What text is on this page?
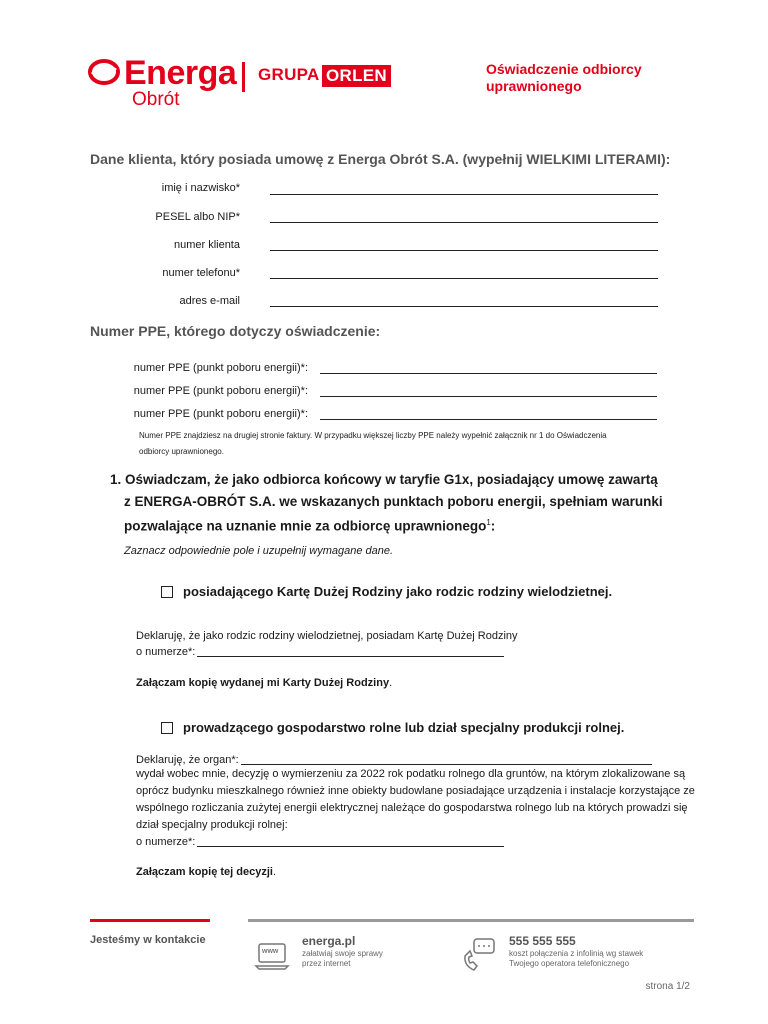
Energa
Obrót
GRUPA ORLEN	Oświadczenie odbiorcy uprawnionego
Dane klienta, który posiada umowę z Energa Obrót S.A. (wypełnij WIELKIMI LITERAMI):
imię i nazwisko*
PESEL albo NIP*
numer klienta
numer telefonu*
adres e-mail
Numer PPE, którego dotyczy oświadczenie:
numer PPE (punkt poboru energii)*:
numer PPE (punkt poboru energii)*:
numer PPE (punkt poboru energii)*:
Numer PPE znajdziesz na drugiej stronie faktury. W przypadku większej liczby PPE należy wypełnić załącznik nr 1 do Oświadczenia
odbiorcy uprawnionego.
1. Oświadczam, że jako odbiorca końcowy w taryfie G1x, posiadający umowę zawartą
z ENERGA-OBRÓT S.A. we wskazanych punktach poboru energii, spełniam warunki
pozwalające na uznanie mnie za odbiorcę uprawnionego$^1$:
Zaznacz odpowiednie pole i uzupełnij wymagane dane.
posiadającego Kartę Dużej Rodziny jako rodzic rodziny wielodzietnej.
Deklaruję, że jako rodzic rodziny wielodzietnej, posiadam Kartę Dużej Rodziny
o numerze*:
Załączam kopię wydanej mi Karty Dużej Rodziny.
prowadzącego gospodarstwo rolne lub dział specjalny produkcji rolnej.
Deklaruję, że organ*:
wydał wobec mnie, decyzję o wymierzeniu za 2022 rok podatku rolnego dla gruntów, na którym zlokalizowane są
oprócz budynku mieszkalnego również inne obiekty budowlane posiadające urządzenia i instalacje korzystające ze
wspólnego rozliczania zużytej energii elektrycznej należące do gospodarstwa rolnego lub na których prowadzi się
dział specjalny produkcji rolnej:
o numerze*:
Załączam kopię tej decyzji.
Jesteśmy w kontakcie
www
energa.pl
załatwiaj swoje sprawy
przez internet
555 555 555
koszt połączenia z infolinią wg stawek
Twojego operatora telefonicznego
strona 1/2
